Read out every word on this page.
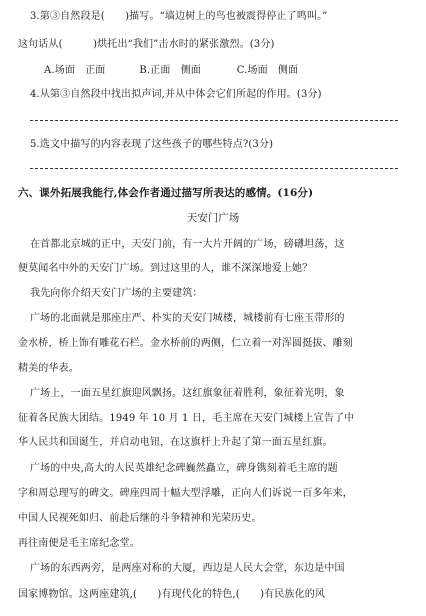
3.第③自然段是(　　)描写。“墙边树上的鸟也被震得停止了鸣叫。”
这句话从(　　　)烘托出“我们”击水时的紧张激烈。(3分)
A.场面　正面	B.正面　侧面	C.场面　侧面
4.从第③自然段中找出拟声词,并从中体会它们所起的作用。(3分)
5.选文中描写的内容表现了这些孩子的哪些特点?(3分)
六、课外拓展我能行,体会作者通过描写所表达的感情。(16分)
天安门广场
在首都北京城的正中，天安门前，有一大片开阔的广场，磅礴坦荡，这
便莫闻名中外的天安门广场。到过这里的人，谁不深深地爱上她？
我先向你介绍天安门广场的主要建筑：
广场的北面就是那座庄严、朴实的天安门城楼，城楼前有七座玉带形的
金水桥，桥上饰有雕花石栏。金水桥前的两侧，仁立着一对浑圆挺拔、雕刻
精美的华表。
广场上，一面五星红旗迎风飘扬。这红旗象征着胜利，象征着光明，象
征着各民族大团结。1949 年 10 月 1 日，毛主席在天安门城楼上宣告了中
华人民共和国诞生，并启动电钮，在这旗杆上升起了第一面五星红旗。
广场的中央,高大的人民英雄纪念碑巍然矗立，碑身镌刻着毛主席的题
字和周总理写的碑文。碑座四周十幅大型浮雕，正向人们诉说一百多年来，
中国人民视死如归、前赴后继的斗争精神和光荣历史。
再往南便是毛主席纪念堂。
广场的东西两旁，是两座对称的大厦，西边是人民大会堂，东边是中国
国家博物馆。这两座建筑,(　　)有现代化的特色,(　　)有民族化的风
